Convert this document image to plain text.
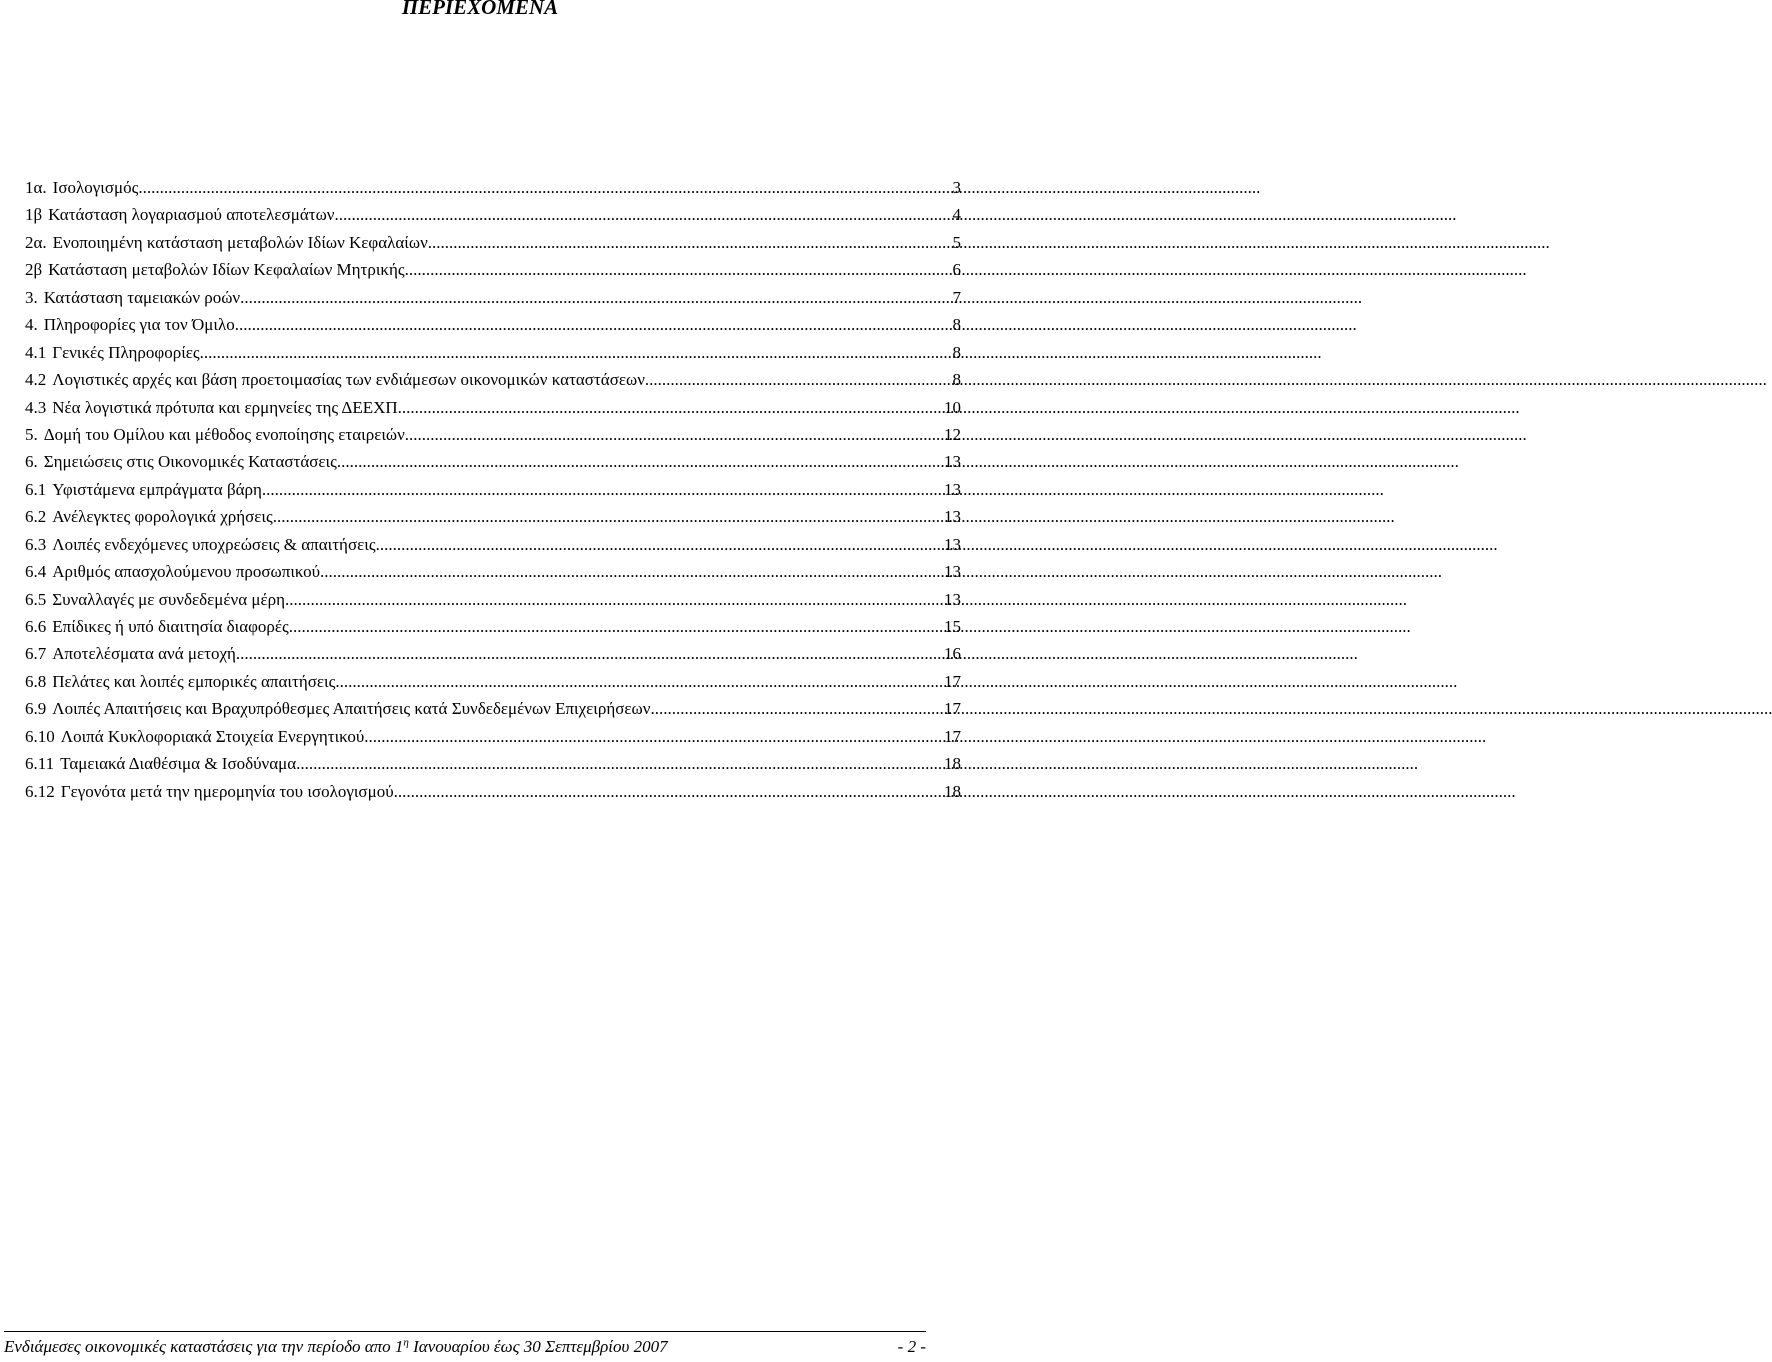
ΠΕΡΙΕΧΟΜΕΝΑ
1α. Ισολογισμός .....	3
1β Κατάσταση λογαριασμού αποτελεσμάτων .....	4
2α. Ενοποιημένη κατάσταση μεταβολών Ιδίων Κεφαλαίων .....	5
2β Κατάσταση μεταβολών Ιδίων Κεφαλαίων Μητρικής .....	6
3. Κατάσταση ταμειακών ροών .....	7
4. Πληροφορίες για τον Όμιλο .....	8
4.1 Γενικές Πληροφορίες .....	8
4.2 Λογιστικές αρχές και βάση προετοιμασίας των ενδιάμεσων οικονομικών καταστάσεων .....	8
4.3 Νέα λογιστικά πρότυπα και ερμηνείες της ΔΕΕΧΠ .....	10
5. Δομή του Ομίλου και μέθοδος ενοποίησης εταιρειών .....	12
6. Σημειώσεις στις Οικονομικές Καταστάσεις .....	13
6.1 Υφιστάμενα εμπράγματα βάρη .....	13
6.2 Ανέλεγκτες φορολογικά χρήσεις .....	13
6.3 Λοιπές ενδεχόμενες υποχρεώσεις & απαιτήσεις .....	13
6.4 Αριθμός απασχολούμενου προσωπικού .....	13
6.5 Συναλλαγές με συνδεδεμένα μέρη .....	13
6.6 Επίδικες ή υπό διαιτησία διαφορές .....	15
6.7 Αποτελέσματα ανά μετοχή .....	16
6.8 Πελάτες και λοιπές εμπορικές απαιτήσεις .....	17
6.9 Λοιπές Απαιτήσεις και Βραχυπρόθεσμες Απαιτήσεις κατά Συνδεδεμένων Επιχειρήσεων .....	17
6.10 Λοιπά Κυκλοφοριακά Στοιχεία Ενεργητικού .....	17
6.11 Ταμειακά Διαθέσιμα & Ισοδύναμα .....	18
6.12 Γεγονότα μετά την ημερομηνία του ισολογισμού .....	18
Ενδιάμεσες οικονομικές καταστάσεις για την περίοδο απο $1^\eta$ Ιανουαρίου έως 30 Σεπτεμβρίου 2007	- 2 -
